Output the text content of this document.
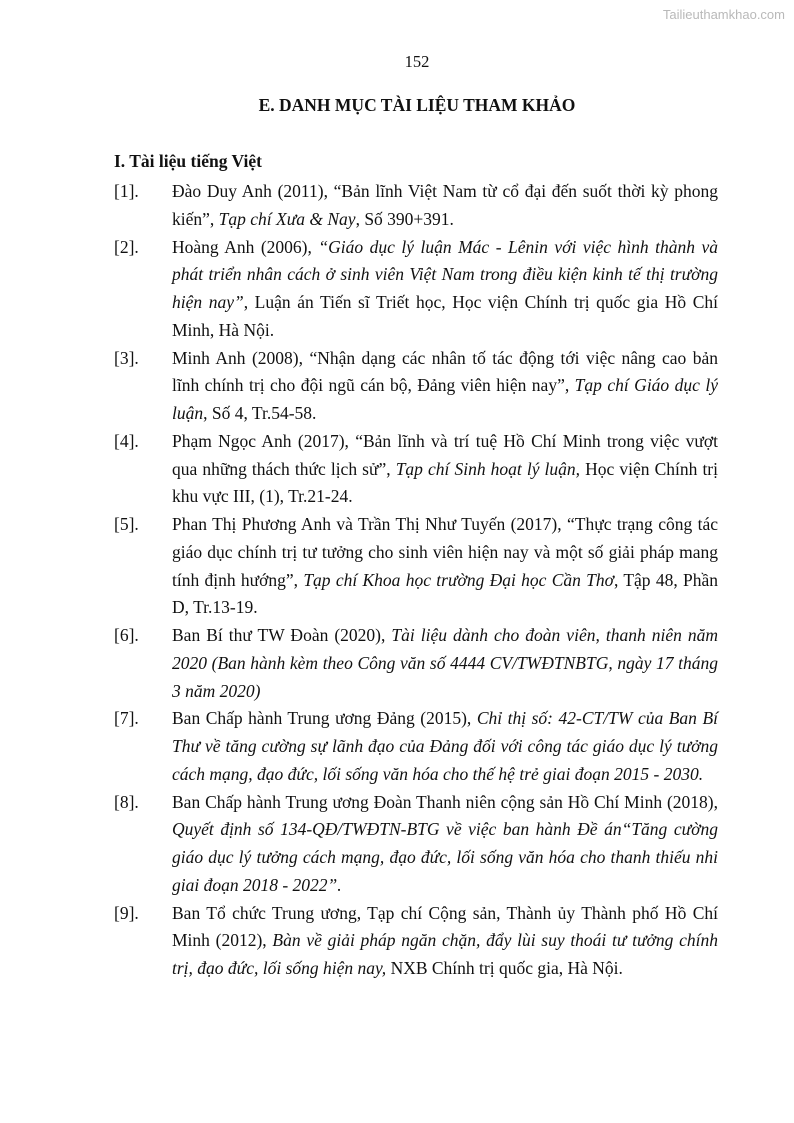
Tailieuthamkhao.com
152
E. DANH MỤC TÀI LIỆU THAM KHẢO
I. Tài liệu tiếng Việt
[1]. Đào Duy Anh (2011), “Bản lĩnh Việt Nam từ cổ đại đến suốt thời kỳ phong kiến”, Tạp chí Xưa & Nay, Số 390+391.
[2]. Hoàng Anh (2006), “Giáo dục lý luận Mác - Lênin với việc hình thành và phát triển nhân cách ở sinh viên Việt Nam trong điều kiện kinh tế thị trường hiện nay”, Luận án Tiến sĩ Triết học, Học viện Chính trị quốc gia Hồ Chí Minh, Hà Nội.
[3]. Minh Anh (2008), “Nhận dạng các nhân tố tác động tới việc nâng cao bản lĩnh chính trị cho đội ngũ cán bộ, Đảng viên hiện nay”, Tạp chí Giáo dục lý luận, Số 4, Tr.54-58.
[4]. Phạm Ngọc Anh (2017), “Bản lĩnh và trí tuệ Hồ Chí Minh trong việc vượt qua những thách thức lịch sử”, Tạp chí Sinh hoạt lý luận, Học viện Chính trị khu vực III, (1), Tr.21-24.
[5]. Phan Thị Phương Anh và Trần Thị Như Tuyến (2017), “Thực trạng công tác giáo dục chính trị tư tưởng cho sinh viên hiện nay và một số giải pháp mang tính định hướng”, Tạp chí Khoa học trường Đại học Cần Thơ, Tập 48, Phần D, Tr.13-19.
[6]. Ban Bí thư TW Đoàn (2020), Tài liệu dành cho đoàn viên, thanh niên năm 2020 (Ban hành kèm theo Công văn số 4444 CV/TWĐTNBTG, ngày 17 tháng 3 năm 2020)
[7]. Ban Chấp hành Trung ương Đảng (2015), Chỉ thị số: 42-CT/TW của Ban Bí Thư về tăng cường sự lãnh đạo của Đảng đối với công tác giáo dục lý tưởng cách mạng, đạo đức, lối sống văn hóa cho thế hệ trẻ giai đoạn 2015 - 2030.
[8]. Ban Chấp hành Trung ương Đoàn Thanh niên cộng sản Hồ Chí Minh (2018), Quyết định số 134-QĐ/TWĐTN-BTG về việc ban hành Đề án“Tăng cường giáo dục lý tưởng cách mạng, đạo đức, lối sống văn hóa cho thanh thiếu nhi giai đoạn 2018 - 2022”.
[9]. Ban Tổ chức Trung ương, Tạp chí Cộng sản, Thành ủy Thành phố Hồ Chí Minh (2012), Bàn về giải pháp ngăn chặn, đẩy lùi suy thoái tư tưởng chính trị, đạo đức, lối sống hiện nay, NXB Chính trị quốc gia, Hà Nội.
